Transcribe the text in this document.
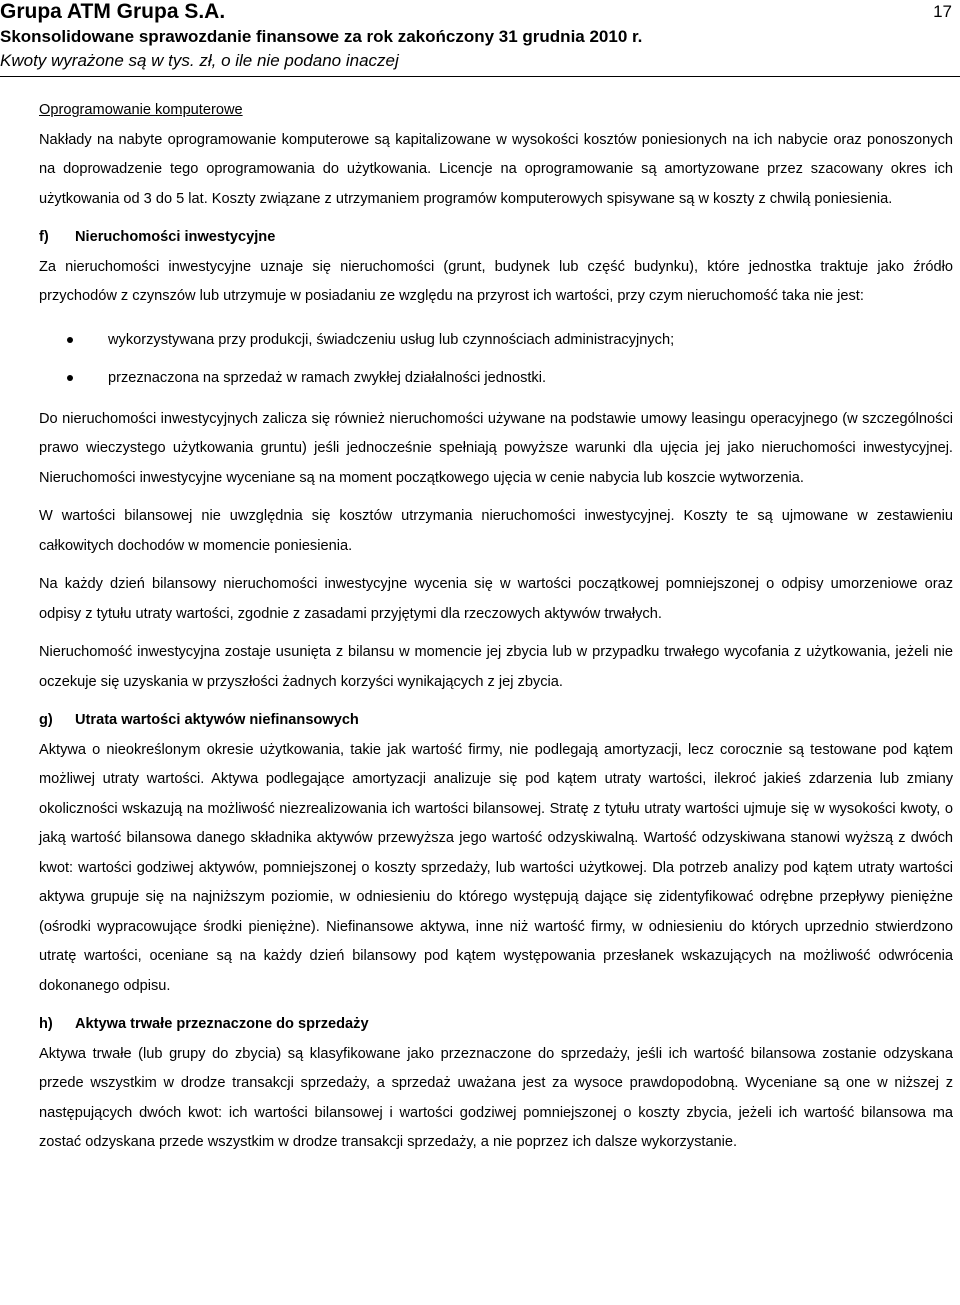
Grupa ATM Grupa S.A.
Skonsolidowane sprawozdanie finansowe za rok zakończony 31 grudnia 2010 r.
Kwoty wyrażone są w tys. zł, o ile nie podano inaczej
17

Oprogramowanie komputerowe

Nakłady na nabyte oprogramowanie komputerowe są kapitalizowane w wysokości kosztów poniesionych na ich nabycie oraz ponoszonych na doprowadzenie tego oprogramowania do użytkowania. Licencje na oprogramowanie są amortyzowane przez szacowany okres ich użytkowania od 3 do 5 lat. Koszty związane z utrzymaniem programów komputerowych spisywane są w koszty z chwilą poniesienia.

f) Nieruchomości inwestycyjne

Za nieruchomości inwestycyjne uznaje się nieruchomości (grunt, budynek lub część budynku), które jednostka traktuje jako źródło przychodów z czynszów lub utrzymuje w posiadaniu ze względu na przyrost ich wartości, przy czym nieruchomość taka nie jest:

wykorzystywana przy produkcji, świadczeniu usług lub czynnościach administracyjnych;
przeznaczona na sprzedaż w ramach zwykłej działalności jednostki.

Do nieruchomości inwestycyjnych zalicza się również nieruchomości używane na podstawie umowy leasingu operacyjnego (w szczególności prawo wieczystego użytkowania gruntu) jeśli jednocześnie spełniają powyższe warunki dla ujęcia jej jako nieruchomości inwestycyjnej. Nieruchomości inwestycyjne wyceniane są na moment początkowego ujęcia w cenie nabycia lub koszcie wytworzenia.

W wartości bilansowej nie uwzględnia się kosztów utrzymania nieruchomości inwestycyjnej. Koszty te są ujmowane w zestawieniu całkowitych dochodów w momencie poniesienia.

Na każdy dzień bilansowy nieruchomości inwestycyjne wycenia się w wartości początkowej pomniejszonej o odpisy umorzeniowe oraz odpisy z tytułu utraty wartości, zgodnie z zasadami przyjętymi dla rzeczowych aktywów trwałych.

Nieruchomość inwestycyjna zostaje usunięta z bilansu w momencie jej zbycia lub w przypadku trwałego wycofania z użytkowania, jeżeli nie oczekuje się uzyskania w przyszłości żadnych korzyści wynikających z jej zbycia.

g) Utrata wartości aktywów niefinansowych

Aktywa o nieokreślonym okresie użytkowania, takie jak wartość firmy, nie podlegają amortyzacji, lecz corocznie są testowane pod kątem możliwej utraty wartości. Aktywa podlegające amortyzacji analizuje się pod kątem utraty wartości, ilekroć jakieś zdarzenia lub zmiany okoliczności wskazują na możliwość niezrealizowania ich wartości bilansowej. Stratę z tytułu utraty wartości ujmuje się w wysokości kwoty, o jaką wartość bilansowa danego składnika aktywów przewyższa jego wartość odzyskiwalną. Wartość odzyskiwana stanowi wyższą z dwóch kwot: wartości godziwej aktywów, pomniejszonej o koszty sprzedaży, lub wartości użytkowej. Dla potrzeb analizy pod kątem utraty wartości aktywa grupuje się na najniższym poziomie, w odniesieniu do którego występują dające się zidentyfikować odrębne przepływy pieniężne (ośrodki wypracowujące środki pieniężne). Niefinansowe aktywa, inne niż wartość firmy, w odniesieniu do których uprzednio stwierdzono utratę wartości, oceniane są na każdy dzień bilansowy pod kątem występowania przesłanek wskazujących na możliwość odwrócenia dokonanego odpisu.

h) Aktywa trwałe przeznaczone do sprzedaży

Aktywa trwałe (lub grupy do zbycia) są klasyfikowane jako przeznaczone do sprzedaży, jeśli ich wartość bilansowa zostanie odzyskana przede wszystkim w drodze transakcji sprzedaży, a sprzedaż uważana jest za wysoce prawdopodobną. Wyceniane są one w niższej z następujących dwóch kwot: ich wartości bilansowej i wartości godziwej pomniejszonej o koszty zbycia, jeżeli ich wartość bilansowa ma zostać odzyskana przede wszystkim w drodze transakcji sprzedaży, a nie poprzez ich dalsze wykorzystanie.
